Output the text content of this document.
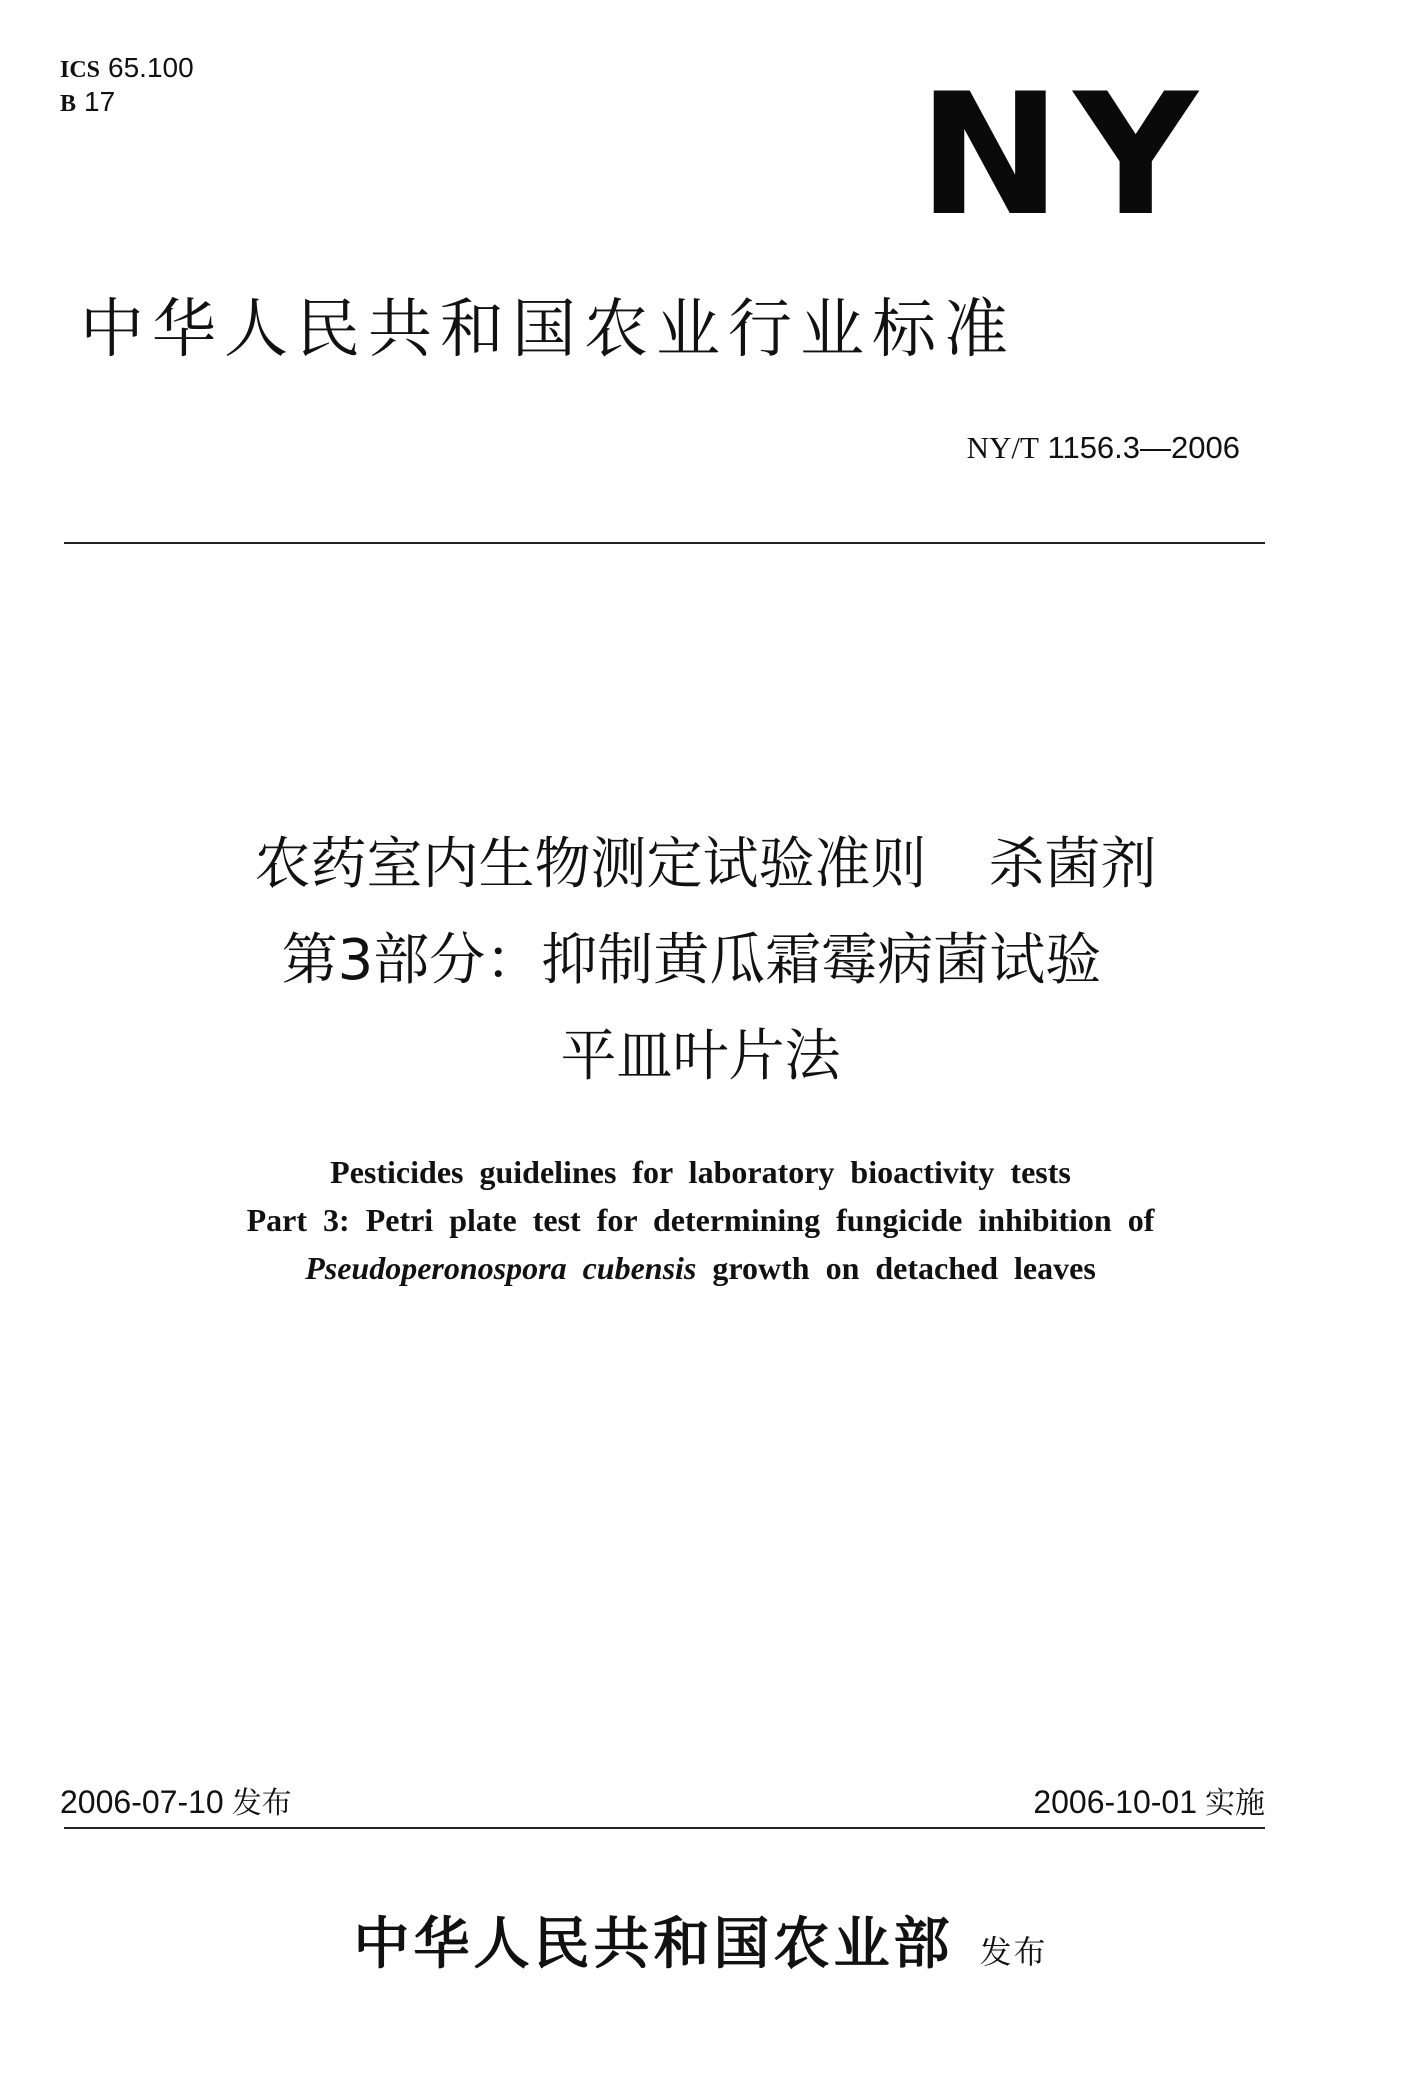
ICS 65.100
B 17	NY
中华人民共和国农业行业标准
NY/T 1156.3—2006
农药室内生物测定试验准则 杀菌剂
第3部分：抑制黄瓜霜霉病菌试验
平皿叶片法
Pesticides guidelines for laboratory bioactivity tests
Part 3: Petri plate test for determining fungicide inhibition of
Pseudoperonospora cubensis growth on detached leaves
2006-07-10 发布	2006-10-01 实施
中华人民共和国农业部 发布
